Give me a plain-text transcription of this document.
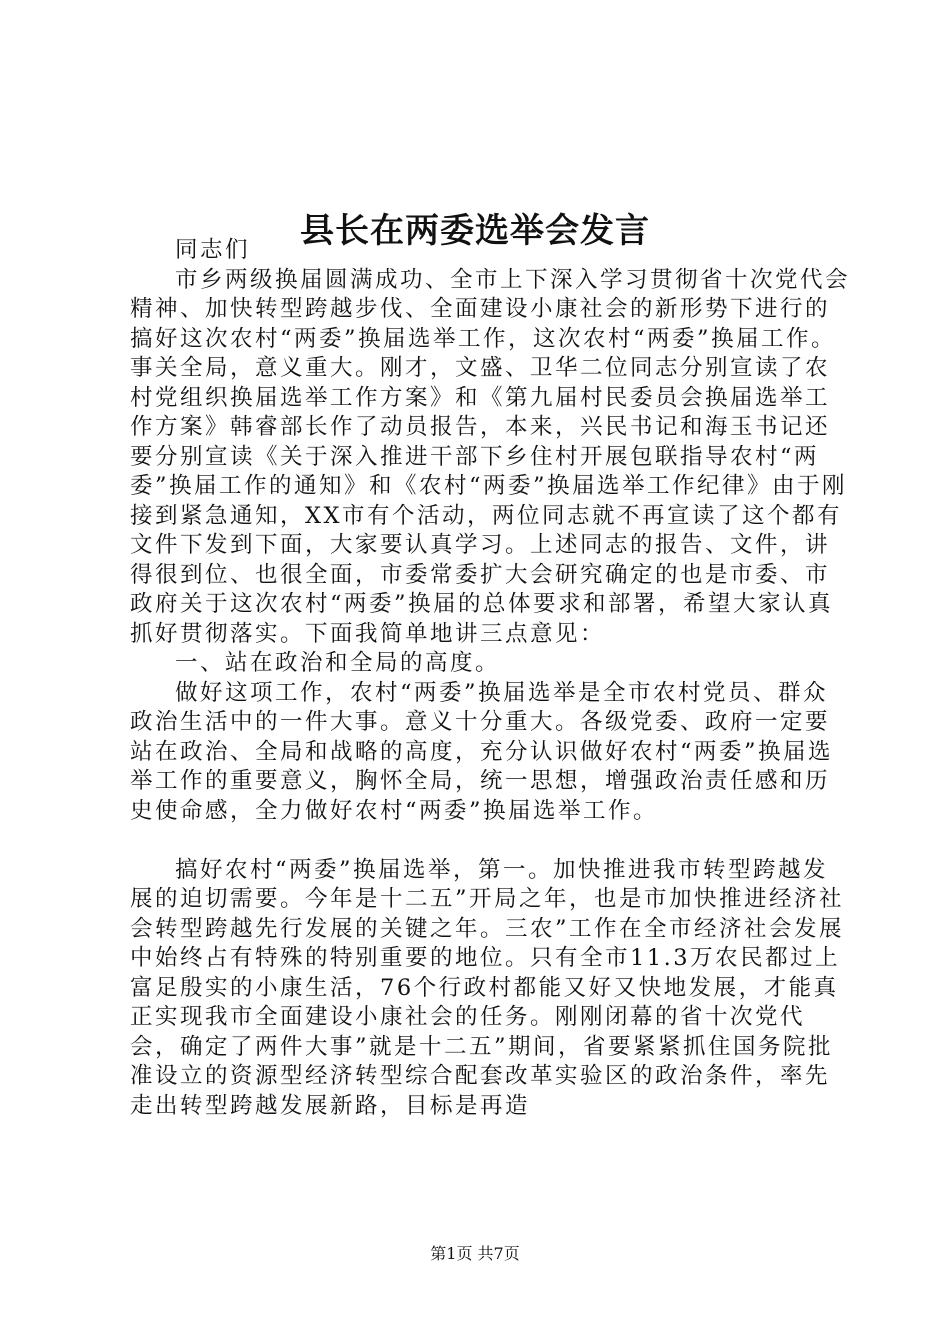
县长在两委选举会发言

同志们

市乡两级换届圆满成功、全市上下深入学习贯彻省十次党代会精神、加快转型跨越步伐、全面建设小康社会的新形势下进行的搞好这次农村“两委”换届选举工作，这次农村“两委”换届工作。事关全局，意义重大。刚才，文盛、卫华二位同志分别宣读了农村党组织换届选举工作方案》和《第九届村民委员会换届选举工作方案》韩睿部长作了动员报告，本来，兴民书记和海玉书记还要分别宣读《关于深入推进干部下乡住村开展包联指导农村“两委”换届工作的通知》和《农村“两委”换届选举工作纪律》由于刚接到紧急通知，XX市有个活动，两位同志就不再宣读了这个都有文件下发到下面，大家要认真学习。上述同志的报告、文件，讲得很到位、也很全面，市委常委扩大会研究确定的也是市委、市政府关于这次农村“两委”换届的总体要求和部署，希望大家认真抓好贯彻落实。下面我简单地讲三点意见：

一、站在政治和全局的高度。

做好这项工作，农村“两委”换届选举是全市农村党员、群众政治生活中的一件大事。意义十分重大。各级党委、政府一定要站在政治、全局和战略的高度，充分认识做好农村“两委”换届选举工作的重要意义，胸怀全局，统一思想，增强政治责任感和历史使命感，全力做好农村“两委”换届选举工作。

搞好农村“两委”换届选举，第一。加快推进我市转型跨越发展的迫切需要。今年是十二五”开局之年，也是市加快推进经济社会转型跨越先行发展的关键之年。三农”工作在全市经济社会发展中始终占有特殊的特别重要的地位。只有全市11.3万农民都过上富足殷实的小康生活，76个行政村都能又好又快地发展，才能真正实现我市全面建设小康社会的任务。刚刚闭幕的省十次党代会，确定了两件大事”就是十二五”期间，省要紧紧抓住国务院批准设立的资源型经济转型综合配套改革实验区的政治条件，率先走出转型跨越发展新路，目标是再造

第1页 共7页
